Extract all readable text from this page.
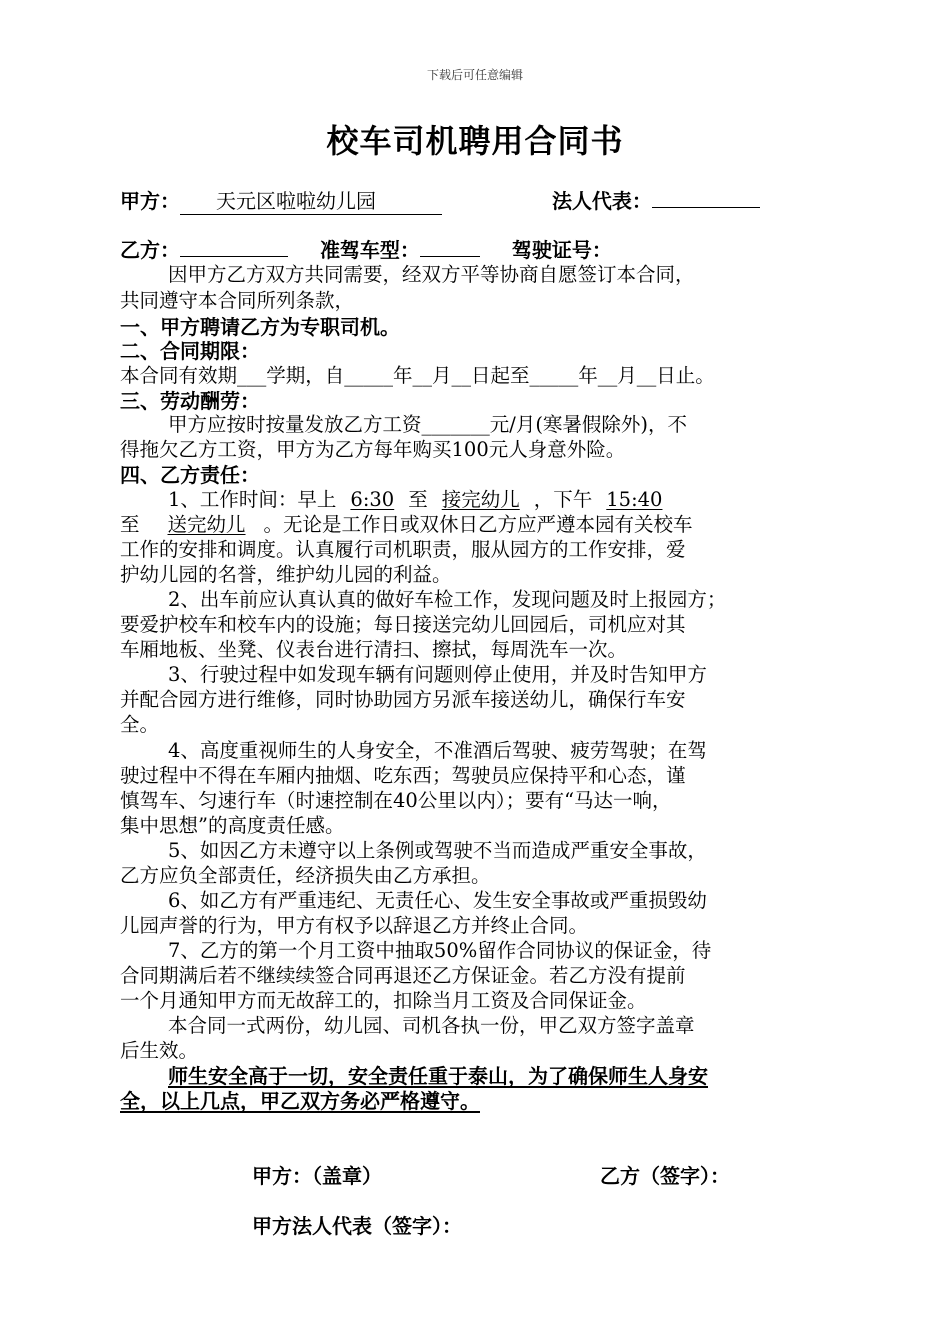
下载后可任意编辑
校车司机聘用合同书
甲方： 天元区啦啦幼儿园	法人代表：
乙方：	准驾车型：	驾驶证号：
因甲方乙方双方共同需要，经双方平等协商自愿签订本合同，
共同遵守本合同所列条款，
一、甲方聘请乙方为专职司机。
二、合同期限：
本合同有效期___学期，自_____年__月__日起至_____年__月__日止。
三、劳动酬劳：
甲方应按时按量发放乙方工资_______元/月(寒暑假除外)，不
得拖欠乙方工资，甲方为乙方每年购买100元人身意外险。
四、乙方责任：
1、工作时间：早上 6:30 至 接完幼儿 ，下午 15:40
至 送完幼儿 。无论是工作日或双休日乙方应严遵本园有关校车
工作的安排和调度。认真履行司机职责，服从园方的工作安排，爱
护幼儿园的名誉，维护幼儿园的利益。
2、出车前应认真认真的做好车检工作，发现问题及时上报园方；
要爱护校车和校车内的设施；每日接送完幼儿回园后，司机应对其
车厢地板、坐凳、仪表台进行清扫、擦拭，每周洗车一次。
3、行驶过程中如发现车辆有问题则停止使用，并及时告知甲方
并配合园方进行维修，同时协助园方另派车接送幼儿，确保行车安
全。
4、高度重视师生的人身安全，不准酒后驾驶、疲劳驾驶；在驾
驶过程中不得在车厢内抽烟、吃东西；驾驶员应保持平和心态，谨
慎驾车、匀速行车（时速控制在40公里以内）；要有“马达一响，
集中思想”的高度责任感。
5、如因乙方未遵守以上条例或驾驶不当而造成严重安全事故，
乙方应负全部责任，经济损失由乙方承担。
6、如乙方有严重违纪、无责任心、发生安全事故或严重损毁幼
儿园声誉的行为，甲方有权予以辞退乙方并终止合同。
7、乙方的第一个月工资中抽取50%留作合同协议的保证金，待
合同期满后若不继续续签合同再退还乙方保证金。若乙方没有提前
一个月通知甲方而无故辞工的，扣除当月工资及合同保证金。
本合同一式两份，幼儿园、司机各执一份，甲乙双方签字盖章
后生效。
师生安全高于一切，安全责任重于泰山，为了确保师生人身安
全，以上几点，甲乙双方务必严格遵守。
甲方：（盖章）	乙方（签字）：
甲方法人代表（签字）：
